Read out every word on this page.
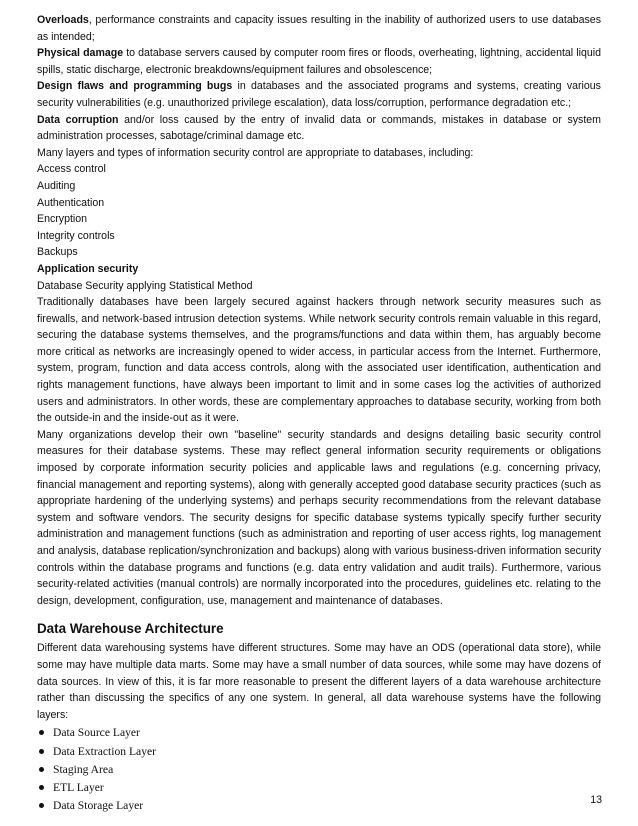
Overloads, performance constraints and capacity issues resulting in the inability of authorized users to use databases as intended;

Physical damage to database servers caused by computer room fires or floods, overheating, lightning, accidental liquid spills, static discharge, electronic breakdowns/equipment failures and obsolescence;

Design flaws and programming bugs in databases and the associated programs and systems, creating various security vulnerabilities (e.g. unauthorized privilege escalation), data loss/corruption, performance degradation etc.;

Data corruption and/or loss caused by the entry of invalid data or commands, mistakes in database or system administration processes, sabotage/criminal damage etc.

Many layers and types of information security control are appropriate to databases, including:
Access control
Auditing
Authentication
Encryption
Integrity controls
Backups
Application security
Database Security applying Statistical Method

Traditionally databases have been largely secured against hackers through network security measures such as firewalls, and network-based intrusion detection systems. While network security controls remain valuable in this regard, securing the database systems themselves, and the programs/functions and data within them, has arguably become more critical as networks are increasingly opened to wider access, in particular access from the Internet. Furthermore, system, program, function and data access controls, along with the associated user identification, authentication and rights management functions, have always been important to limit and in some cases log the activities of authorized users and administrators. In other words, these are complementary approaches to database security, working from both the outside-in and the inside-out as it were.

Many organizations develop their own "baseline" security standards and designs detailing basic security control measures for their database systems. These may reflect general information security requirements or obligations imposed by corporate information security policies and applicable laws and regulations (e.g. concerning privacy, financial management and reporting systems), along with generally accepted good database security practices (such as appropriate hardening of the underlying systems) and perhaps security recommendations from the relevant database system and software vendors. The security designs for specific database systems typically specify further security administration and management functions (such as administration and reporting of user access rights, log management and analysis, database replication/synchronization and backups) along with various business-driven information security controls within the database programs and functions (e.g. data entry validation and audit trails). Furthermore, various security-related activities (manual controls) are normally incorporated into the procedures, guidelines etc. relating to the design, development, configuration, use, management and maintenance of databases.

Data Warehouse Architecture

Different data warehousing systems have different structures. Some may have an ODS (operational data store), while some may have multiple data marts. Some may have a small number of data sources, while some may have dozens of data sources. In view of this, it is far more reasonable to present the different layers of a data warehouse architecture rather than discussing the specifics of any one system. In general, all data warehouse systems have the following layers:

Data Source Layer
Data Extraction Layer
Staging Area
ETL Layer
Data Storage Layer	13
